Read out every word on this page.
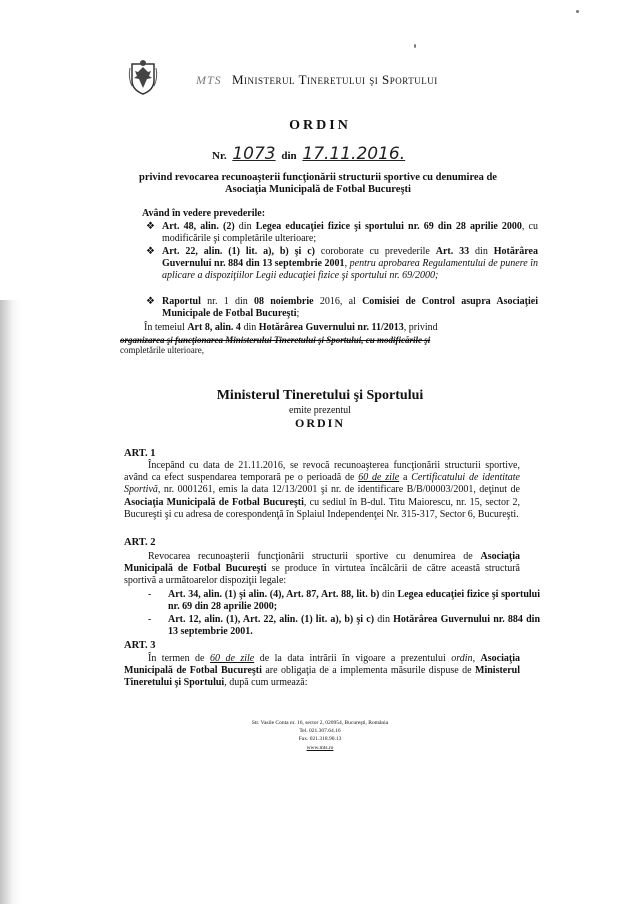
MTS Ministerul Tineretului şi Sportului
ORDIN
Nr. 1073 din 17.11.2016.
privind revocarea recunoaşterii funcţionării structurii sportive cu denumirea de Asociaţia Municipală de Fotbal Bucureşti
Având în vedere prevederile:
❖ Art. 48, alin. (2) din Legea educaţiei fizice şi sportului nr. 69 din 28 aprilie 2000, cu modificările şi completările ulterioare;
❖ Art. 22, alin. (1) lit. a), b) şi c) coroborate cu prevederile Art. 33 din Hotărârea Guvernului nr. 884 din 13 septembrie 2001, pentru aprobarea Regulamentului de punere în aplicare a dispoziţiilor Legii educaţiei fizice şi sportului nr. 69/2000;
❖ Raportul nr. 1 din 08 noiembrie 2016, al Comisiei de Control asupra Asociaţiei Municipale de Fotbal Bucureşti;
În temeiul Art 8, alin. 4 din Hotărârea Guvernului nr. 11/2013, privind
organizarea şi funcţionarea Ministerului Tineretului şi Sportului, cu modificările şi
completările ulterioare,
Ministerul Tineretului şi Sportului
emite prezentul
ORDIN
ART. 1
Începând cu data de 21.11.2016, se revocă recunoaşterea funcţionării structurii sportive, având ca efect suspendarea temporară pe o perioadă de 60 de zile a Certificatului de identitate Sportivă, nr. 0001261, emis la data 12/13/2001 şi nr. de identificare B/B/00003/2001, deţinut de Asociaţia Municipală de Fotbal Bucureşti, cu sediul în B-dul. Titu Maiorescu, nr. 15, sector 2, Bucureşti şi cu adresa de corespondenţă în Splaiul Independenţei Nr. 315-317, Sector 6, Bucureşti.
ART. 2
Revocarea recunoaşterii funcţionării structurii sportive cu denumirea de Asociaţia Municipală de Fotbal Bucureşti se produce în virtutea încălcării de către această structură sportivă a următoarelor dispoziţii legale:
- Art. 34, alin. (1) şi alin. (4), Art. 87, Art. 88, lit. b) din Legea educaţiei fizice şi sportului nr. 69 din 28 aprilie 2000;
- Art. 12, alin. (1), Art. 22, alin. (1) lit. a), b) şi c) din Hotărârea Guvernului nr. 884 din 13 septembrie 2001.
ART. 3
În termen de 60 de zile de la data intrării în vigoare a prezentului ordin, Asociaţia Municipală de Fotbal Bucureşti are obligaţia de a implementa măsurile dispuse de Ministerul Tineretului şi Sportului, după cum urmează:
Str. Vasile Conta nr. 16, sector 2, 020954, Bucureşti, România
Tel. 021.307.64.16
Fax. 021.318.90.13
www.mts.ro
